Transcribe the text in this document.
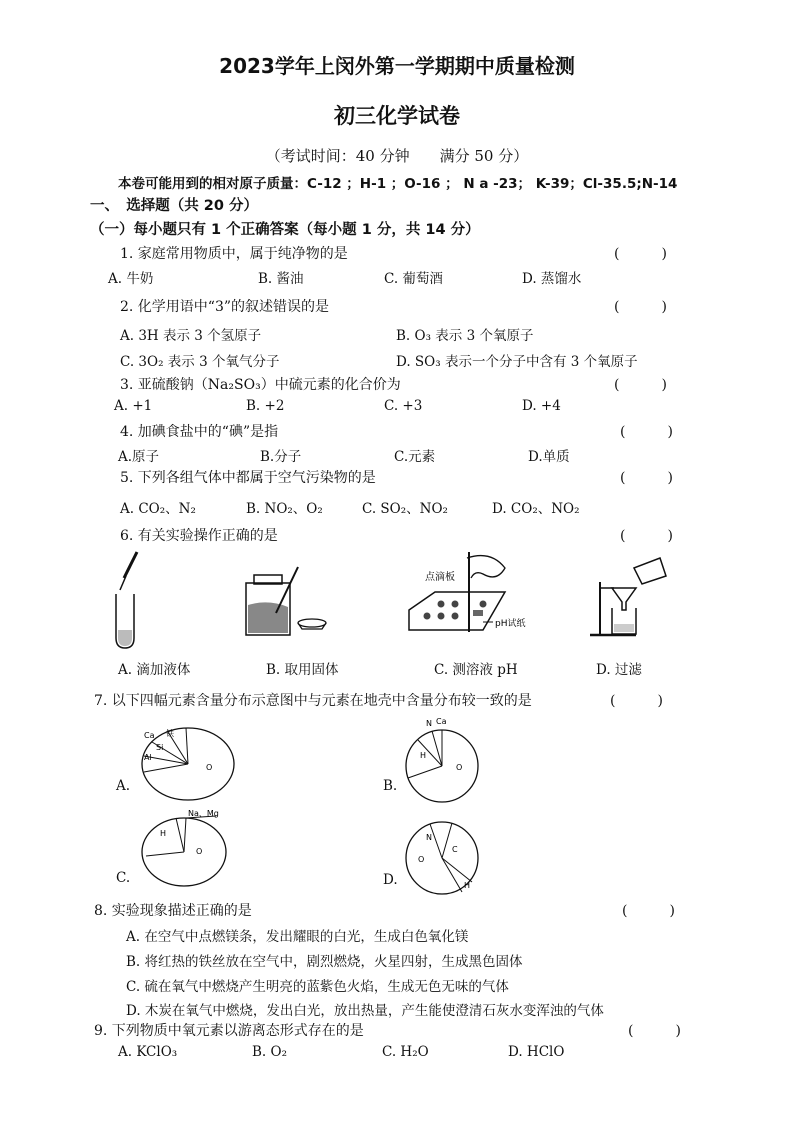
2023学年上闵外第一学期期中质量检测
初三化学试卷
（考试时间：40 分钟　　满分 50 分）
本卷可能用到的相对原子质量：C-12 ；H-1 ；O-16 ； N a -23； K-39；Cl-35.5;N-14
一、　选择题（共 20 分）
（一）每小题只有 1 个正确答案（每小题 1 分，共 14 分）
1. 家庭常用物质中，属于纯净物的是	(　　　)
A. 牛奶	B. 酱油	C. 葡萄酒	D. 蒸馏水
2. 化学用语中“3”的叙述错误的是	(　　　)
A. 3H 表示 3 个氢原子	B. O₃ 表示 3 个氧原子
C. 3O₂ 表示 3 个氧气分子	D. SO₃ 表示一个分子中含有 3 个氧原子
3. 亚硫酸钠（Na₂SO₃）中硫元素的化合价为	(　　　)
A. +1	B. +2	C. +3	D. +4
4. 加碘食盐中的“碘”是指	(　　　)
A.原子	B.分子	C.元素	D.单质
5. 下列各组气体中都属于空气污染物的是	(　　　)
A. CO₂、N₂	B. NO₂、O₂	C. SO₂、NO₂	D. CO₂、NO₂
6. 有关实验操作正确的是	(　　　)
点滴板
pH试纸
A. 滴加液体	B. 取用固体	C. 测溶液 pH	D. 过滤
7. 以下四幅元素含量分布示意图中与元素在地壳中含量分布较一致的是	(　　　)
Ca 铁
Al
Si
O
A.
N Ca
H
O
B.
Na、Mg
H
O
C.
N
O
C
H
D.
8. 实验现象描述正确的是	(　　　)
A. 在空气中点燃镁条，发出耀眼的白光，生成白色氧化镁
B. 将红热的铁丝放在空气中，剧烈燃烧，火星四射，生成黑色固体
C. 硫在氧气中燃烧产生明亮的蓝紫色火焰，生成无色无味的气体
D. 木炭在氧气中燃烧，发出白光，放出热量，产生能使澄清石灰水变浑浊的气体
9. 下列物质中氧元素以游离态形式存在的是	(　　　)
A. KClO₃	B. O₂	C. H₂O	D. HClO
